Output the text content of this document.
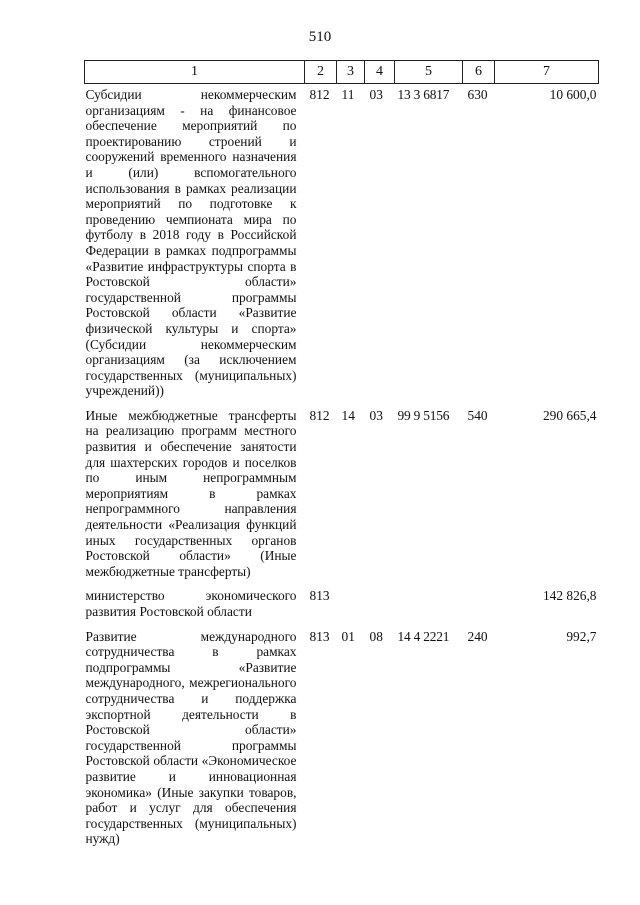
510
1	2	3	4	5	6	7
Субсидии некоммерческим организациям - на финансовое обеспечение мероприятий по проектированию строений и сооружений временного назначения и (или) вспомогательного использования в рамках реализации мероприятий по подготовке к проведению чемпионата мира по футболу в 2018 году в Российской Федерации в рамках подпрограммы «Развитие инфраструктуры спорта в Ростовской области» государственной программы Ростовской области «Развитие физической культуры и спорта» (Субсидии некоммерческим организациям (за исключением государственных (муниципальных) учреждений))	812	11	03	13 3 6817	630	10 600,0
Иные межбюджетные трансферты на реализацию программ местного развития и обеспечение занятости для шахтерских городов и поселков по иным непрограммным мероприятиям в рамках непрограммного направления деятельности «Реализация функций иных государственных органов Ростовской области» (Иные межбюджетные трансферты)	812	14	03	99 9 5156	540	290 665,4
министерство экономического развития Ростовской области	813					142 826,8
Развитие международного сотрудничества в рамках подпрограммы «Развитие международного, межрегионального сотрудничества и поддержка экспортной деятельности в Ростовской области» государственной программы Ростовской области «Экономическое развитие и инновационная экономика» (Иные закупки товаров, работ и услуг для обеспечения государственных (муниципальных) нужд)	813	01	08	14 4 2221	240	992,7
